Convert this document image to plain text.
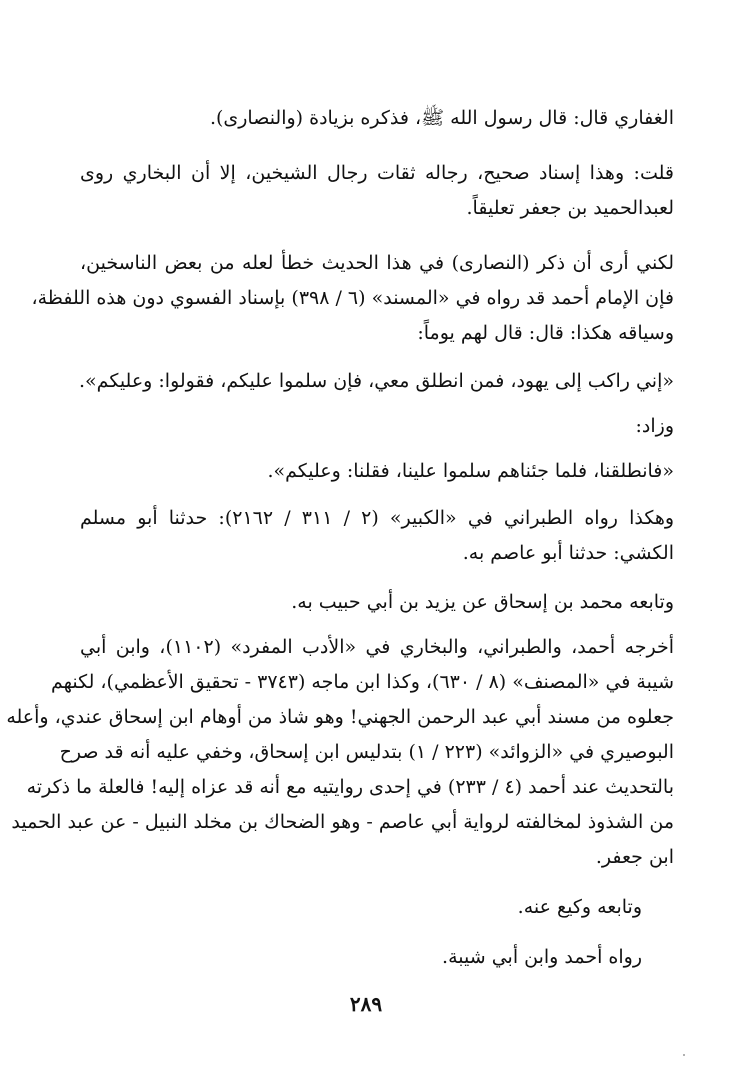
الغفاري قال: قال رسول الله ﷺ، فذكره بزيادة (والنصارى).

قلت: وهذا إسناد صحيح، رجاله ثقات رجال الشيخين، إلا أن البخاري روى

لعبدالحميد بن جعفر تعليقاً.

لكني أرى أن ذكر (النصارى) في هذا الحديث خطأ لعله من بعض الناسخين،

فإن الإمام أحمد قد رواه في «المسند» (٦ / ٣٩٨) بإسناد الفسوي دون هذه اللفظة،

وسياقه هكذا: قال: قال لهم يوماً:

«إني راكب إلى يهود، فمن انطلق معي، فإن سلموا عليكم، فقولوا: وعليكم».

وزاد:

«فانطلقنا، فلما جئناهم سلموا علينا، فقلنا: وعليكم».

وهكذا رواه الطبراني في «الكبير» (٢ / ٣١١ / ٢١٦٢): حدثنا أبو مسلم

الكشي: حدثنا أبو عاصم به.

وتابعه محمد بن إسحاق عن يزيد بن أبي حبيب به.

أخرجه أحمد، والطبراني، والبخاري في «الأدب المفرد» (١١٠٢)، وابن أبي

شيبة في «المصنف» (٨ / ٦٣٠)، وكذا ابن ماجه (٣٧٤٣ - تحقيق الأعظمي)، لكنهم

جعلوه من مسند أبي عبد الرحمن الجهني! وهو شاذ من أوهام ابن إسحاق عندي، وأعله

البوصيري في «الزوائد» (٢٢٣ / ١) بتدليس ابن إسحاق، وخفي عليه أنه قد صرح

بالتحديث عند أحمد (٤ / ٢٣٣) في إحدى روايتيه مع أنه قد عزاه إليه! فالعلة ما ذكرته

من الشذوذ لمخالفته لرواية أبي عاصم - وهو الضحاك بن مخلد النبيل - عن عبد الحميد

ابن جعفر.

وتابعه وكيع عنه.

رواه أحمد وابن أبي شيبة.

٢٨٩
